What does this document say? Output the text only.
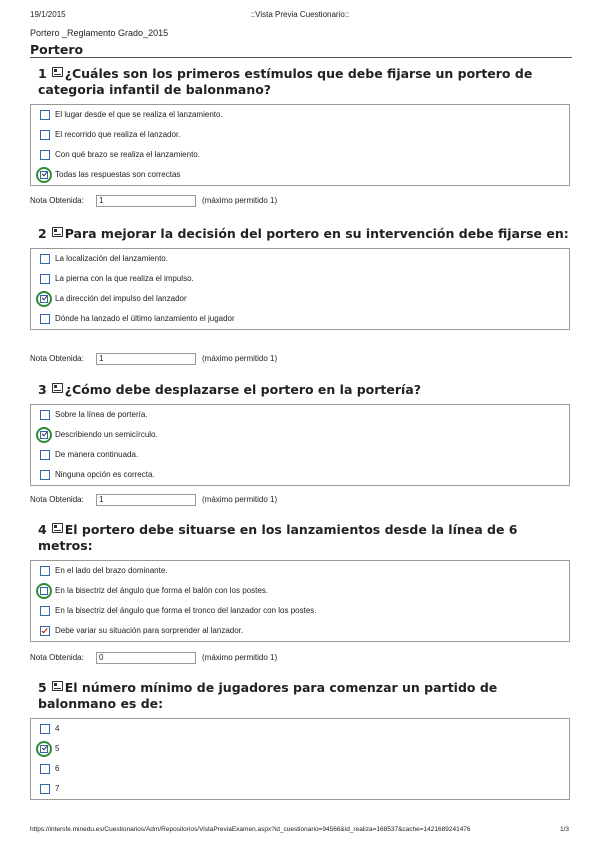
19/1/2015	::Vista Previa Cuestionario::
Portero _Reglamento Grado_2015
Portero
1 ¿Cuáles son los primeros estímulos que debe fijarse un portero de categoria infantil de balonmano?
El lugar desde el que se realiza el lanzamiento.
El recorrido que realiza el lanzador.
Con qué brazo se realiza el lanzamiento.
Todas las respuestas son correctas
2 Para mejorar la decisión del portero en su intervención debe fijarse en:
La localización del lanzamiento.
La pierna con la que realiza el impulso.
La dirección del impulso del lanzador
Dónde ha lanzado el último lanzamiento el jugador
3 ¿Cómo debe desplazarse el portero en la portería?
Sobre la línea de portería.
Describiendo un semicírculo.
De manera continuada.
Ninguna opción es correcta.
4 El portero debe situarse en los lanzamientos desde la línea de 6 metros:
En el lado del brazo dominante.
En la bisectriz del ángulo que forma el balón con los postes.
En la bisectriz del ángulo que forma el tronco del lanzador con los postes.
Debe variar su situación para sorprender al lanzador.
5 El número mínimo de jugadores para comenzar un partido de balonmano es de:
4
5
6
7
https://intersfe.minedu.es/Cuestionarios/Adm/Repositorios/VistaPreviaExamen.aspx?id_cuestionario=94566&id_realiza=168537&cache=1421689241476	1/3
Nota Obtenida: 1	(máximo permitido 1)
Nota Obtenida: 1	(máximo permitido 1)
Nota Obtenida: 1	(máximo permitido 1)
Nota Obtenida: 0	(máximo permitido 1)
